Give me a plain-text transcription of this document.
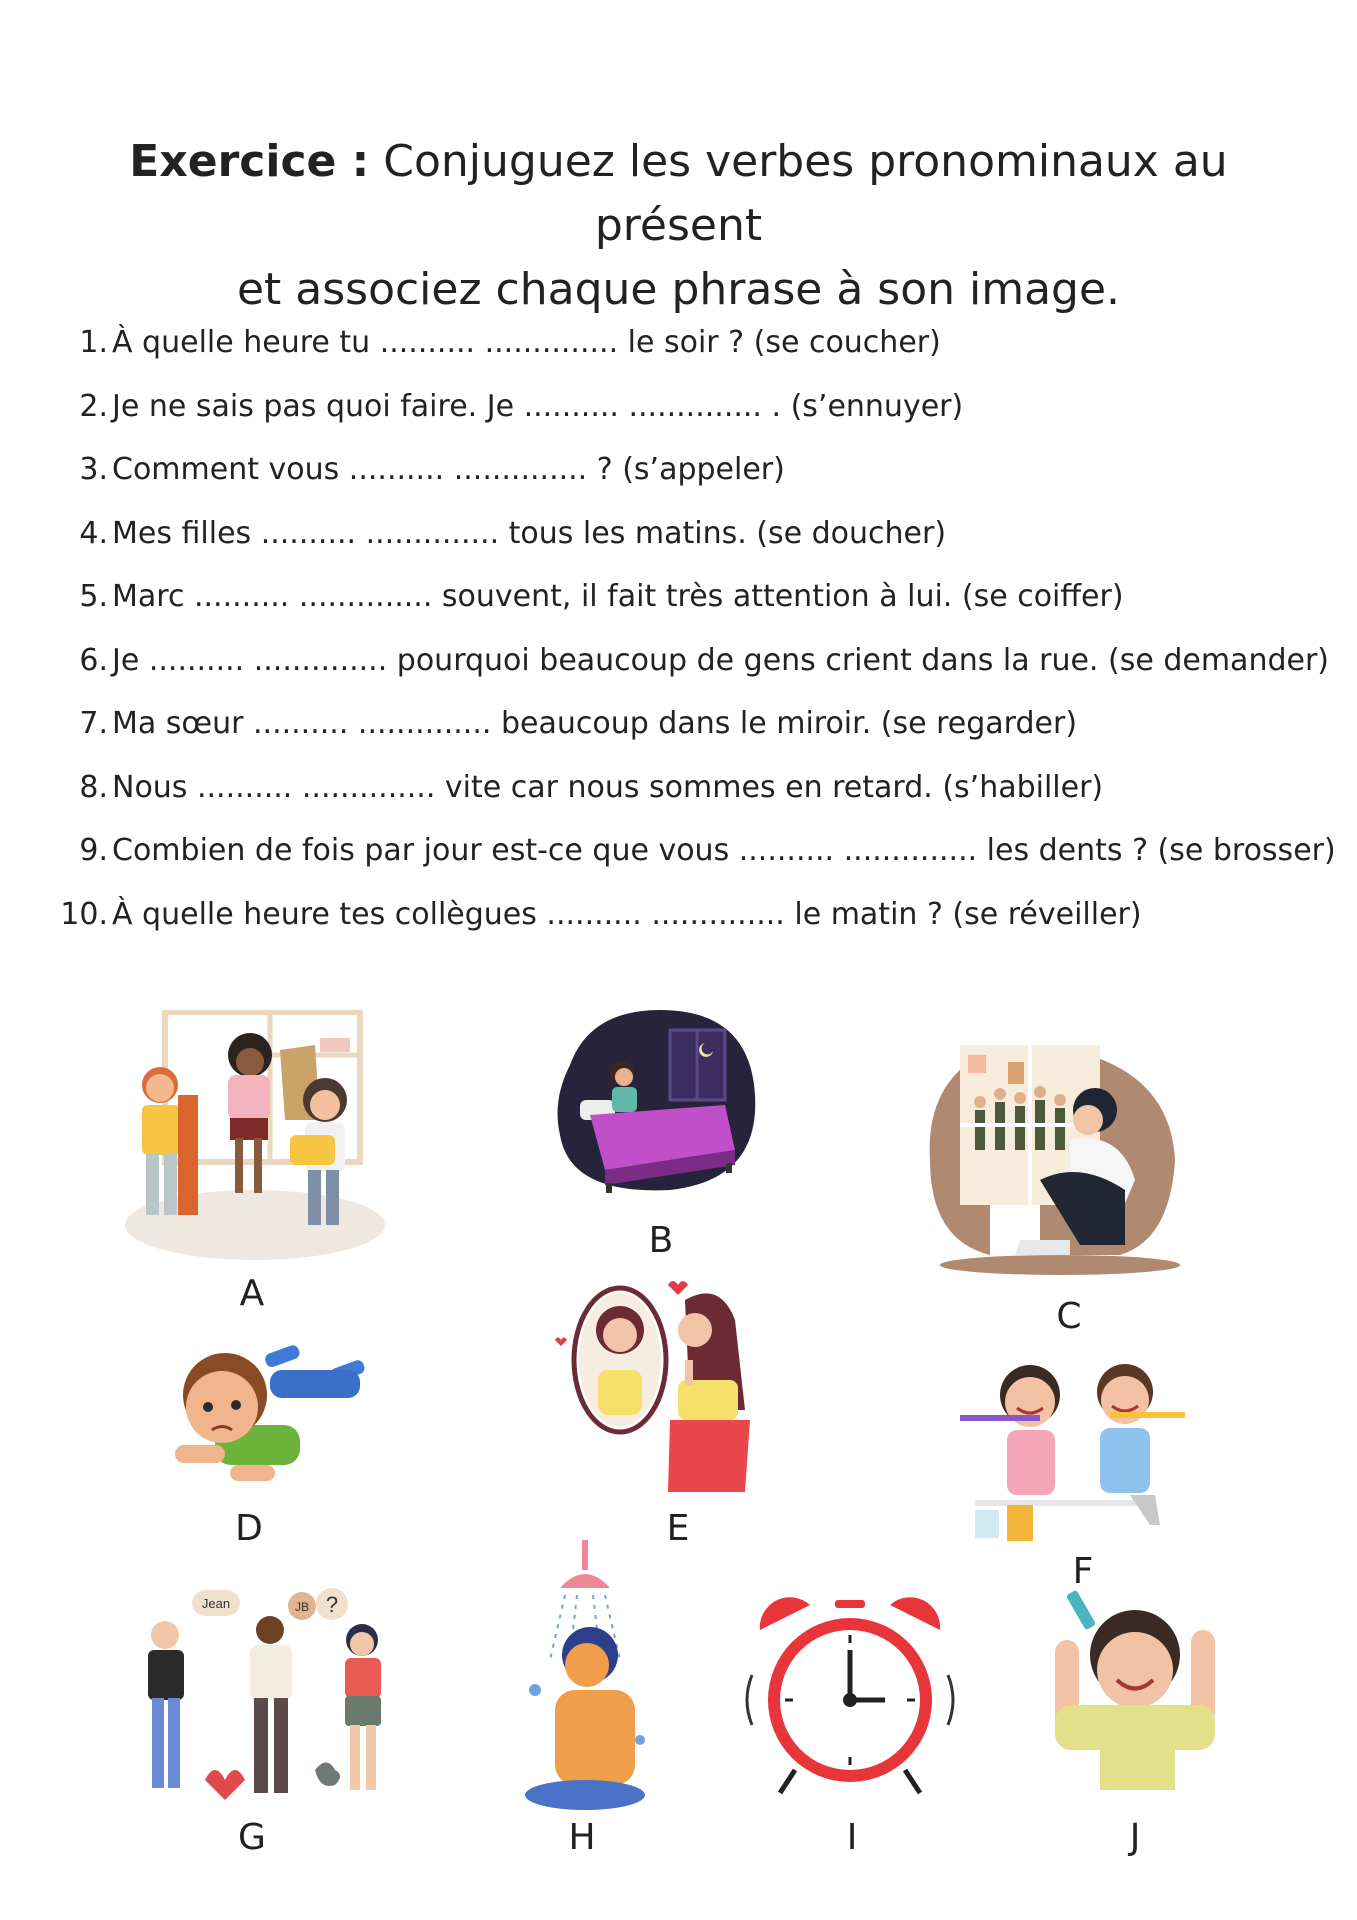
Exercice : Conjuguez les verbes pronominaux au présent
et associez chaque phrase à son image.
1. À quelle heure tu .......... .............. le soir ? (se coucher)
2. Je ne sais pas quoi faire. Je .......... .............. . (s’ennuyer)
3. Comment vous .......... .............. ? (s’appeler)
4. Mes filles .......... .............. tous les matins. (se doucher)
5. Marc .......... .............. souvent, il fait très attention à lui. (se coiffer)
6. Je .......... .............. pourquoi beaucoup de gens crient dans la rue. (se demander)
7. Ma sœur .......... .............. beaucoup dans le miroir. (se regarder)
8. Nous .......... .............. vite car nous sommes en retard. (s’habiller)
9. Combien de fois par jour est-ce que vous .......... .............. les dents ? (se brosser)
10. À quelle heure tes collègues .......... .............. le matin ? (se réveiller)
A
B
C
D	E
F
Jean	JB ?
G	H	I	J
